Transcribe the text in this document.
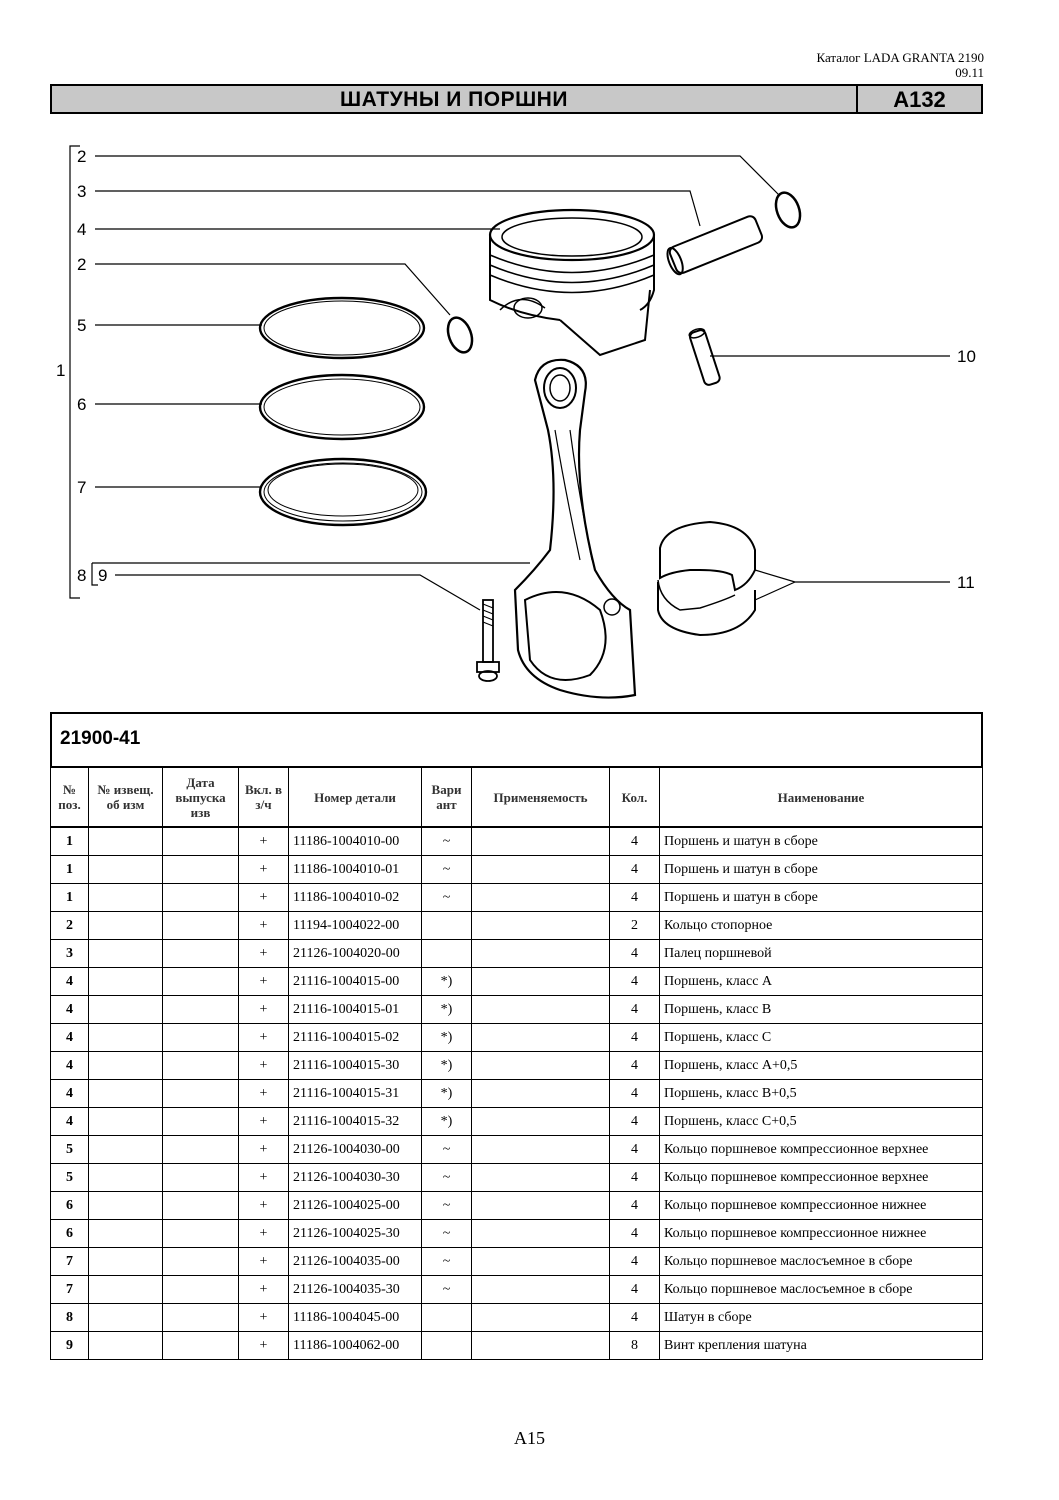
Каталог LADA GRANTA 2190
09.11
ШАТУНЫ И ПОРШНИ	А132
1
2
3
4
2
5
6
7
8 9
10
11
21900-41
№ поз.	№ извещ. об изм	Дата выпуска изв	Вкл. в з/ч	Номер детали	Вари ант	Применяемость	Кол.	Наименование
1			+	11186-1004010-00	~		4	Поршень и шатун в сборе
1			+	11186-1004010-01	~		4	Поршень и шатун в сборе
1			+	11186-1004010-02	~		4	Поршень и шатун в сборе
2			+	11194-1004022-00			2	Кольцо стопорное
3			+	21126-1004020-00			4	Палец поршневой
4			+	21116-1004015-00	*)		4	Поршень, класс А
4			+	21116-1004015-01	*)		4	Поршень, класс В
4			+	21116-1004015-02	*)		4	Поршень, класс С
4			+	21116-1004015-30	*)		4	Поршень, класс А+0,5
4			+	21116-1004015-31	*)		4	Поршень, класс В+0,5
4			+	21116-1004015-32	*)		4	Поршень, класс С+0,5
5			+	21126-1004030-00	~		4	Кольцо поршневое компрессионное верхнее
5			+	21126-1004030-30	~		4	Кольцо поршневое компрессионное верхнее
6			+	21126-1004025-00	~		4	Кольцо поршневое компрессионное нижнее
6			+	21126-1004025-30	~		4	Кольцо поршневое компрессионное нижнее
7			+	21126-1004035-00	~		4	Кольцо поршневое маслосъемное в сборе
7			+	21126-1004035-30	~		4	Кольцо поршневое маслосъемное в сборе
8			+	11186-1004045-00			4	Шатун в сборе
9			+	11186-1004062-00			8	Винт крепления шатуна
А15
